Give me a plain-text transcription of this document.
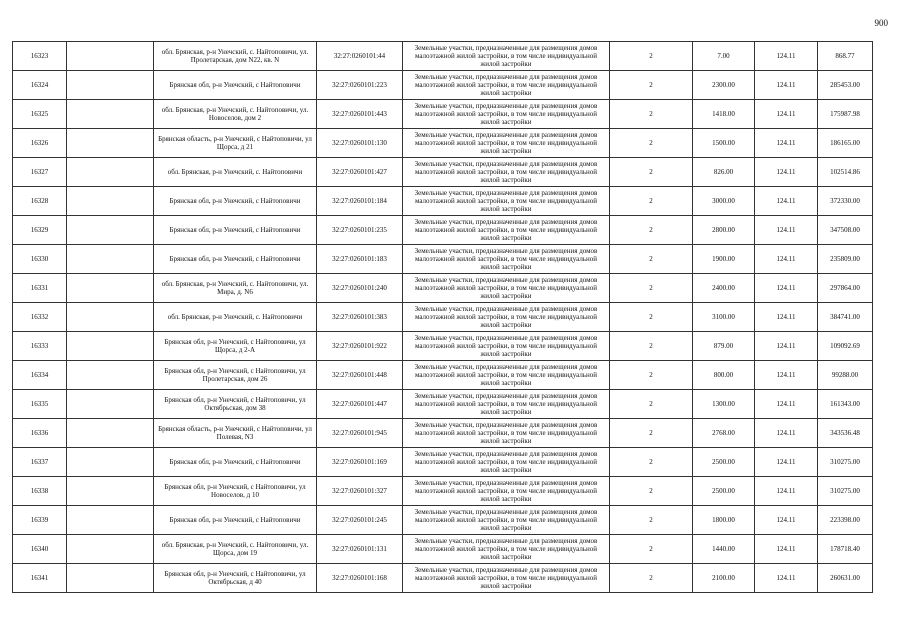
900
16323		обл. Брянская, р-н Унечский, с. Найтоповичи, ул. Пролетарская, дом N22, кв. N	32:27:0260101:44	Земельные участки, предназначенные для размещения домов малоэтажной жилой застройки, в том числе индивидуальной жилой застройки	2	7.00	124.11	868.77
16324		Брянская обл, р-н Унечский, с Найтоповичи	32:27:0260101:223	Земельные участки, предназначенные для размещения домов малоэтажной жилой застройки, в том числе индивидуальной жилой застройки	2	2300.00	124.11	285453.00
16325		обл. Брянская, р-н Унечский, с. Найтоповичи, ул. Новоселов, дом 2	32:27:0260101:443	Земельные участки, предназначенные для размещения домов малоэтажной жилой застройки, в том числе индивидуальной жилой застройки	2	1418.00	124.11	175987.98
16326		Брянская область, р-н Унечский, с Найтоповичи, ул Щорса, д 21	32:27:0260101:130	Земельные участки, предназначенные для размещения домов малоэтажной жилой застройки, в том числе индивидуальной жилой застройки	2	1500.00	124.11	186165.00
16327		обл. Брянская, р-н Унечский, с. Найтоповичи	32:27:0260101:427	Земельные участки, предназначенные для размещения домов малоэтажной жилой застройки, в том числе индивидуальной жилой застройки	2	826.00	124.11	102514.86
16328		Брянская обл, р-н Унечский, с Найтоповичи	32:27:0260101:184	Земельные участки, предназначенные для размещения домов малоэтажной жилой застройки, в том числе индивидуальной жилой застройки	2	3000.00	124.11	372330.00
16329		Брянская обл, р-н Унечский, с Найтоповичи	32:27:0260101:235	Земельные участки, предназначенные для размещения домов малоэтажной жилой застройки, в том числе индивидуальной жилой застройки	2	2800.00	124.11	347508.00
16330		Брянская обл, р-н Унечский, с Найтоповичи	32:27:0260101:183	Земельные участки, предназначенные для размещения домов малоэтажной жилой застройки, в том числе индивидуальной жилой застройки	2	1900.00	124.11	235809.00
16331		обл. Брянская, р-н Унечский, с. Найтоповичи, ул. Мира, д. N6	32:27:0260101:240	Земельные участки, предназначенные для размещения домов малоэтажной жилой застройки, в том числе индивидуальной жилой застройки	2	2400.00	124.11	297864.00
16332		обл. Брянская, р-н Унечский, с. Найтоповичи	32:27:0260101:383	Земельные участки, предназначенные для размещения домов малоэтажной жилой застройки, в том числе индивидуальной жилой застройки	2	3100.00	124.11	384741.00
16333		Брянская обл, р-н Унечский, с Найтоповичи, ул Щорса, д 2-А	32:27:0260101:922	Земельные участки, предназначенные для размещения домов малоэтажной жилой застройки, в том числе индивидуальной жилой застройки	2	879.00	124.11	109092.69
16334		Брянская обл, р-н Унечский, с Найтоповичи, ул Пролетарская, дом 26	32:27:0260101:448	Земельные участки, предназначенные для размещения домов малоэтажной жилой застройки, в том числе индивидуальной жилой застройки	2	800.00	124.11	99288.00
16335		Брянская обл, р-н Унечский, с Найтоповичи, ул Октябрьская, дом 38	32:27:0260101:447	Земельные участки, предназначенные для размещения домов малоэтажной жилой застройки, в том числе индивидуальной жилой застройки	2	1300.00	124.11	161343.00
16336		Брянская область, р-н Унечский, с Найтоповичи, ул Полевая, N3	32:27:0260101:945	Земельные участки, предназначенные для размещения домов малоэтажной жилой застройки, в том числе индивидуальной жилой застройки	2	2768.00	124.11	343536.48
16337		Брянская обл, р-н Унечский, с Найтоповичи	32:27:0260101:169	Земельные участки, предназначенные для размещения домов малоэтажной жилой застройки, в том числе индивидуальной жилой застройки	2	2500.00	124.11	310275.00
16338		Брянская обл, р-н Унечский, с Найтоповичи, ул Новоселов, д 10	32:27:0260101:327	Земельные участки, предназначенные для размещения домов малоэтажной жилой застройки, в том числе индивидуальной жилой застройки	2	2500.00	124.11	310275.00
16339		Брянская обл, р-н Унечский, с Найтоповичи	32:27:0260101:245	Земельные участки, предназначенные для размещения домов малоэтажной жилой застройки, в том числе индивидуальной жилой застройки	2	1800.00	124.11	223398.00
16340		обл. Брянская, р-н Унечский, с. Найтоповичи, ул. Щорса, дом 19	32:27:0260101:131	Земельные участки, предназначенные для размещения домов малоэтажной жилой застройки, в том числе индивидуальной жилой застройки	2	1440.00	124.11	178718.40
16341		Брянская обл, р-н Унечский, с Найтоповичи, ул Октябрьская, д 40	32:27:0260101:168	Земельные участки, предназначенные для размещения домов малоэтажной жилой застройки, в том числе индивидуальной жилой застройки	2	2100.00	124.11	260631.00
